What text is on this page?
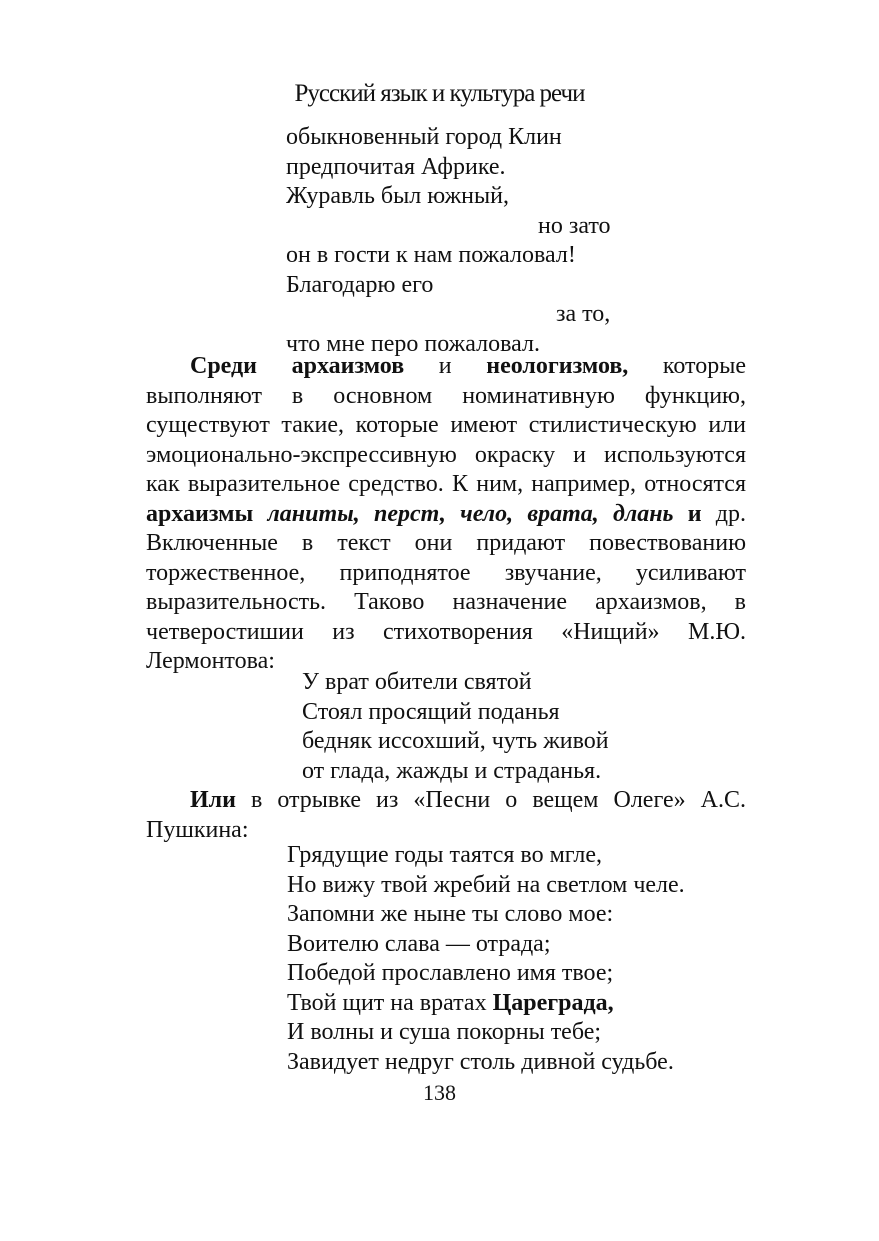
Русский язык и культура речи
обыкновенный город Клин
предпочитая Африке.
Журавль был южный,
но зато
он в гости к нам пожаловал!
Благодарю его
за то,
что мне перо пожаловал.

Среди архаизмов и неологизмов, которые выполняют в основном номинативную функцию, существуют такие, которые имеют стилистическую или эмоционально-экспрессивную окраску и используются как выразительное средство. К ним, например, относятся архаизмы ланиты, перст, чело, врата, длань и др. Включенные в текст они придают повествованию торжественное, приподнятое звучание, усиливают выразительность. Таково назначение архаизмов, в четверостишии из стихотворения «Нищий» М.Ю. Лермонтова:

У врат обители святой
Стоял просящий поданья
бедняк иссохший, чуть живой
от глада, жажды и страданья.

Или в отрывке из «Песни о вещем Олеге» А.С. Пушкина:

Грядущие годы таятся во мгле,
Но вижу твой жребий на светлом челе.
Запомни же ныне ты слово мое:
Воителю слава — отрада;
Победой прославлено имя твое;
Твой щит на вратах Цареграда,
И волны и суша покорны тебе;
Завидует недруг столь дивной судьбе.
138
